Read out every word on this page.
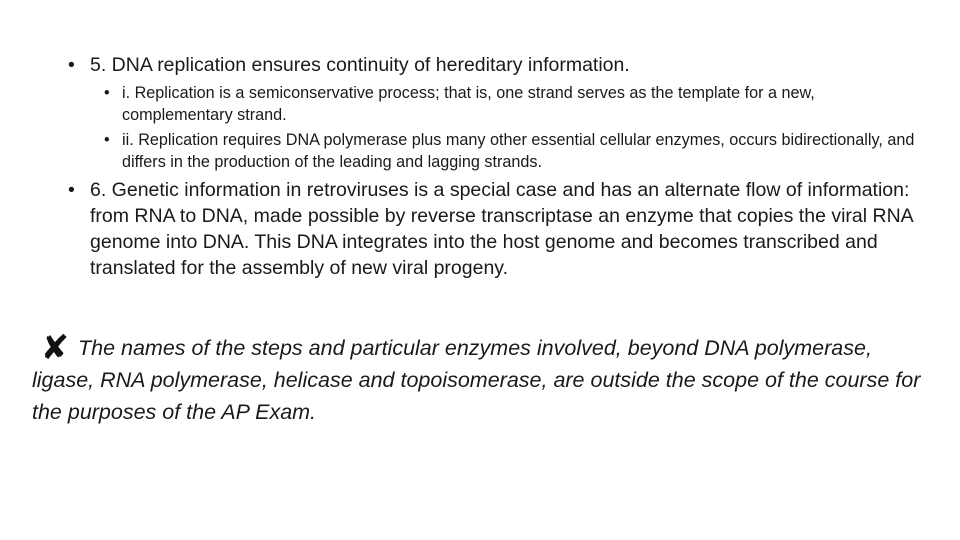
• 5. DNA replication ensures continuity of hereditary information.
• i. Replication is a semiconservative process; that is, one strand serves as the template for a new, complementary strand.
• ii. Replication requires DNA polymerase plus many other essential cellular enzymes, occurs bidirectionally, and differs in the production of the leading and lagging strands.
• 6. Genetic information in retroviruses is a special case and has an alternate flow of information: from RNA to DNA, made possible by reverse transcriptase an enzyme that copies the viral RNA genome into DNA. This DNA integrates into the host genome and becomes transcribed and translated for the assembly of new viral progeny.
✘ The names of the steps and particular enzymes involved, beyond DNA polymerase, ligase, RNA polymerase, helicase and topoisomerase, are outside the scope of the course for the purposes of the AP Exam.
